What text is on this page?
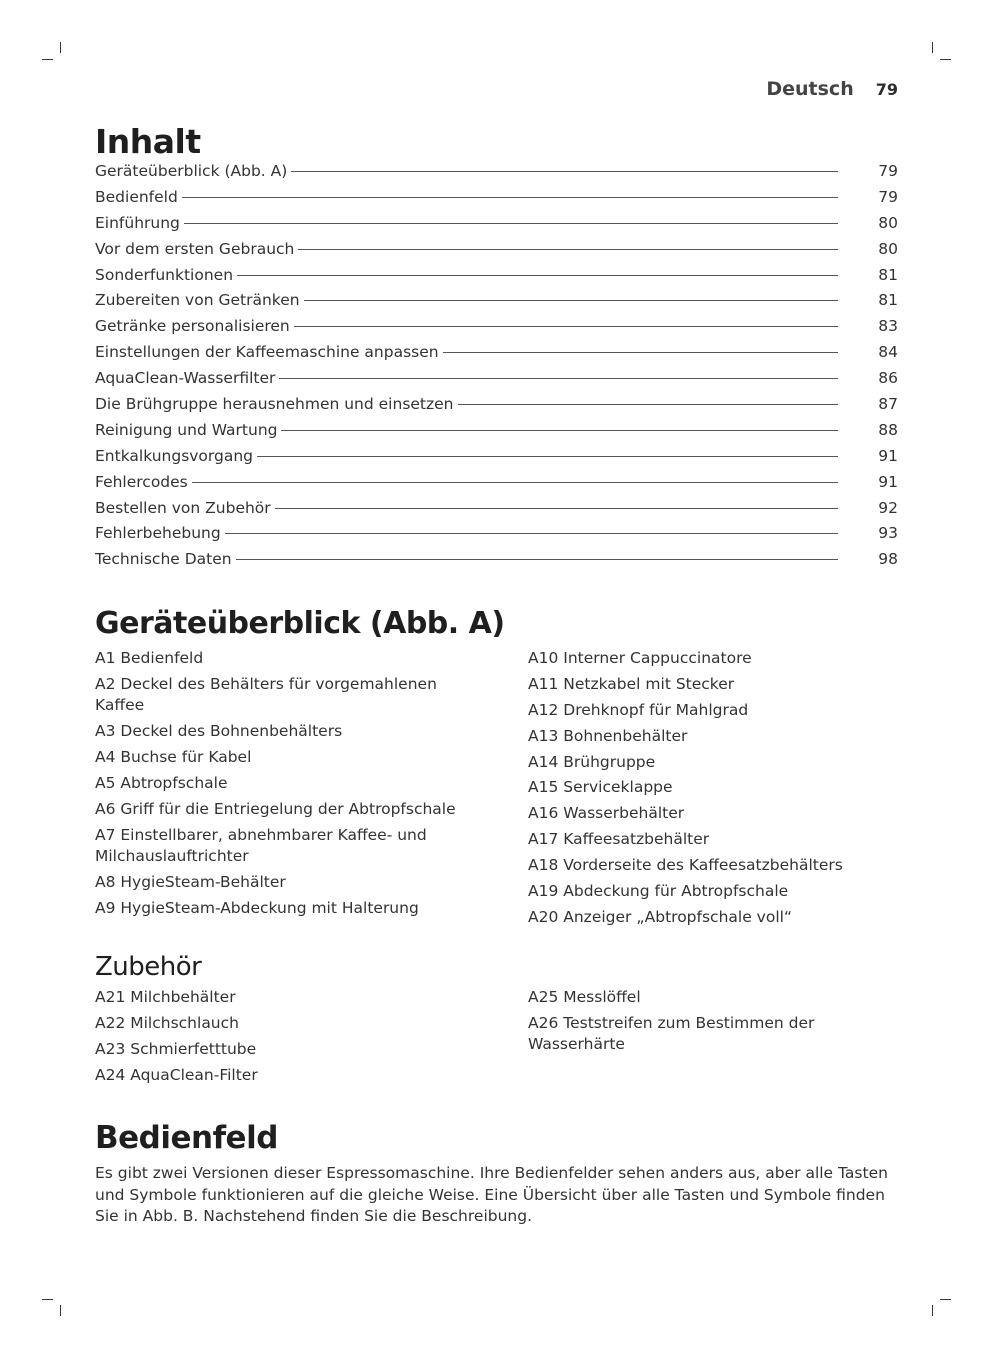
Deutsch 79
Inhalt
Geräteüberblick (Abb. A)	79
Bedienfeld	79
Einführung	80
Vor dem ersten Gebrauch	80
Sonderfunktionen	81
Zubereiten von Getränken	81
Getränke personalisieren	83
Einstellungen der Kaffeemaschine anpassen	84
AquaClean-Wasserfilter	86
Die Brühgruppe herausnehmen und einsetzen	87
Reinigung und Wartung	88
Entkalkungsvorgang	91
Fehlercodes	91
Bestellen von Zubehör	92
Fehlerbehebung	93
Technische Daten	98
Geräteüberblick (Abb. A)
A1 Bedienfeld
A2 Deckel des Behälters für vorgemahlenen Kaffee
A3 Deckel des Bohnenbehälters
A4 Buchse für Kabel
A5 Abtropfschale
A6 Griff für die Entriegelung der Abtropfschale
A7 Einstellbarer, abnehmbarer Kaffee- und Milchauslauftrichter
A8 HygieSteam-Behälter
A9 HygieSteam-Abdeckung mit Halterung
A10 Interner Cappuccinatore
A11 Netzkabel mit Stecker
A12 Drehknopf für Mahlgrad
A13 Bohnenbehälter
A14 Brühgruppe
A15 Serviceklappe
A16 Wasserbehälter
A17 Kaffeesatzbehälter
A18 Vorderseite des Kaffeesatzbehälters
A19 Abdeckung für Abtropfschale
A20 Anzeiger „Abtropfschale voll“
Zubehör
A21 Milchbehälter
A22 Milchschlauch
A23 Schmierfetttube
A24 AquaClean-Filter
A25 Messlöffel
A26 Teststreifen zum Bestimmen der Wasserhärte
Bedienfeld

Es gibt zwei Versionen dieser Espressomaschine. Ihre Bedienfelder sehen anders aus, aber alle Tasten und Symbole funktionieren auf die gleiche Weise. Eine Übersicht über alle Tasten und Symbole finden Sie in Abb. B. Nachstehend finden Sie die Beschreibung.
